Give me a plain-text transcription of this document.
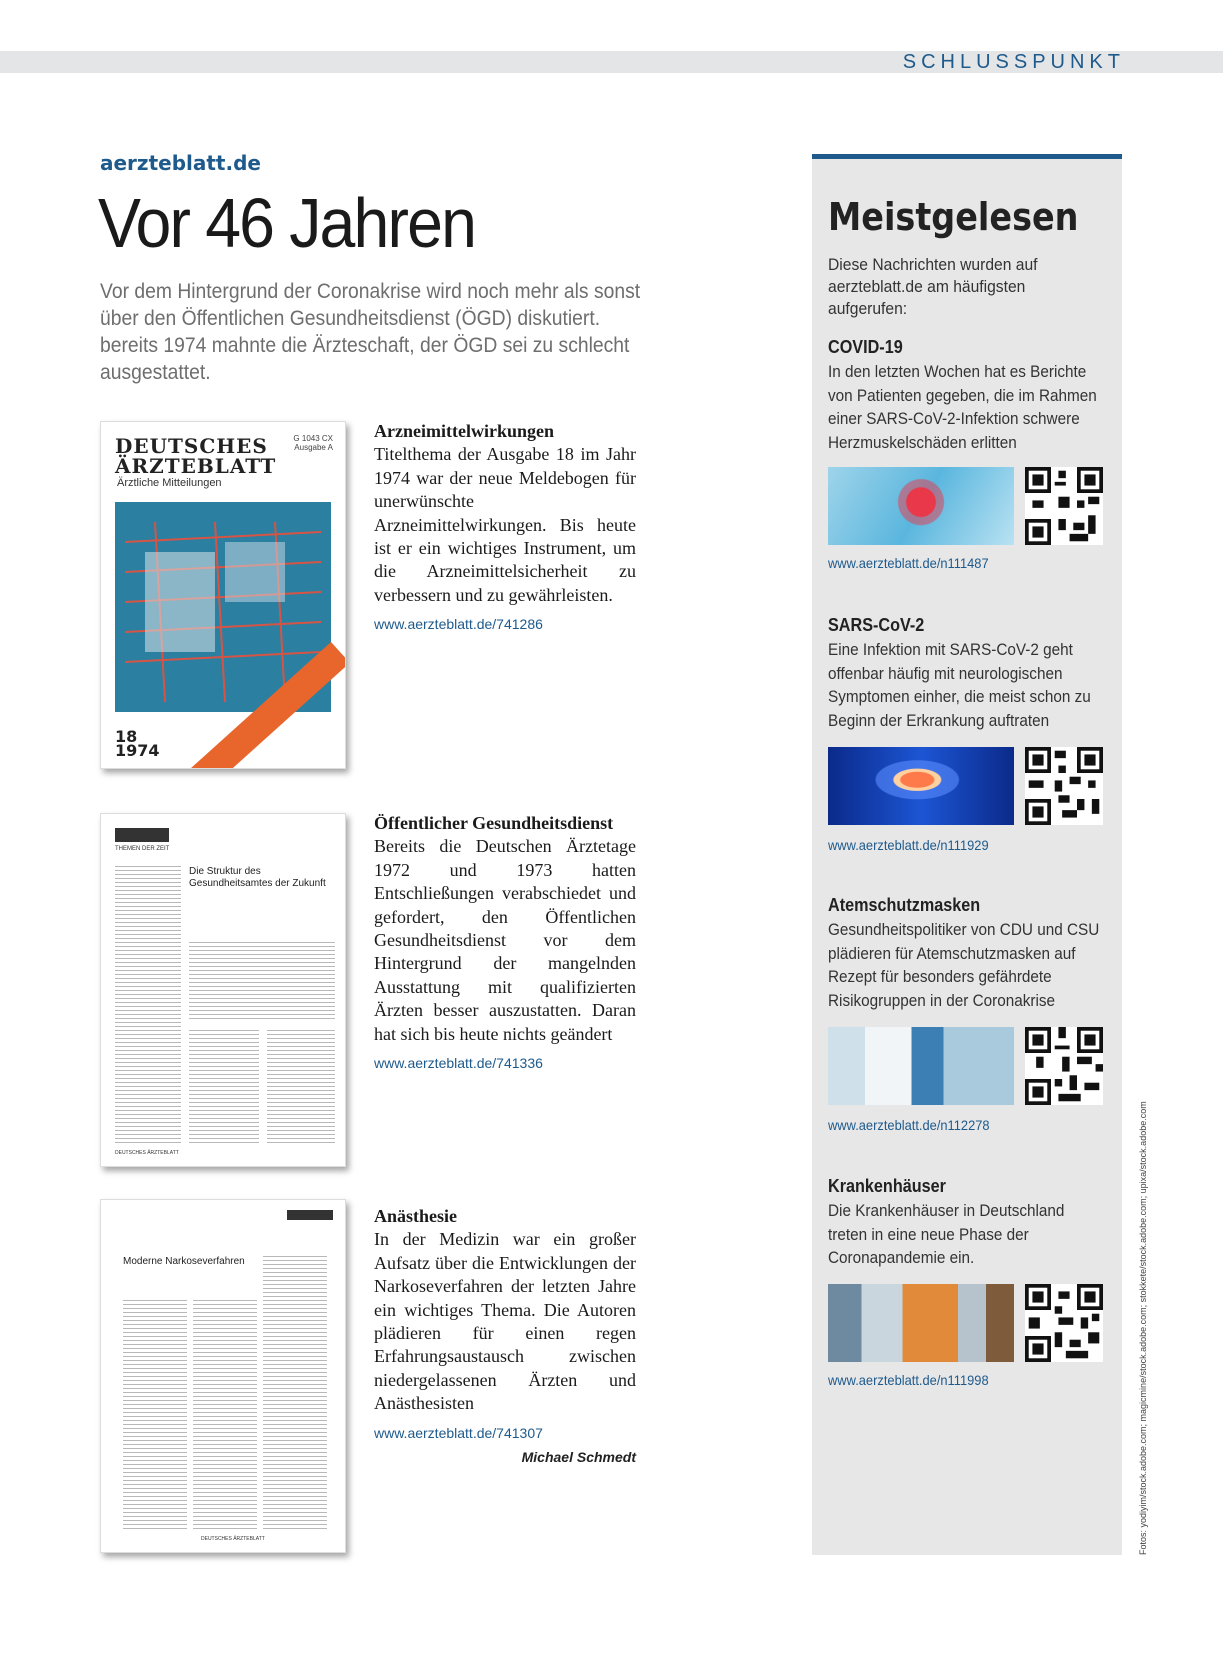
SCHLUSSPUNKT
aerzteblatt.de
Vor 46 Jahren
Vor dem Hintergrund der Coronakrise wird noch mehr als sonst über den Öffentlichen Gesundheitsdienst (ÖGD) diskutiert. bereits 1974 mahnte die Ärzteschaft, der ÖGD sei zu schlecht ausgestattet.
DEUTSCHES ÄRZTEBLATT
G 1043 CX Ausgabe A
Ärztliche Mitteilungen
18 1974
THEMEN DER ZEIT
Die Struktur des Gesundheitsamtes der Zukunft
DEUTSCHES ÄRZTEBLATT
Moderne Narkoseverfahren
DEUTSCHES ÄRZTEBLATT
Arzneimittelwirkungen
Titelthema der Ausgabe 18 im Jahr 1974 war der neue Meldebogen für unerwünschte Arzneimittelwirkungen. Bis heute ist er ein wichtiges Instrument, um die Arzneimittelsicherheit zu verbessern und zu gewährleisten.
www.aerzteblatt.de/741286
Öffentlicher Gesundheitsdienst
Bereits die Deutschen Ärztetage 1972 und 1973 hatten Entschließungen verabschiedet und gefordert, den Öffentlichen Gesundheitsdienst vor dem Hintergrund der mangelnden Ausstattung mit qualifizierten Ärzten besser auszustatten. Daran hat sich bis heute nichts geändert
www.aerzteblatt.de/741336
Anästhesie
In der Medizin war ein großer Aufsatz über die Entwicklungen der Narkoseverfahren der letzten Jahre ein wichtiges Thema. Die Autoren plädieren für einen regen Erfahrungsaustausch zwischen niedergelassenen Ärzten und Anästhesisten
www.aerzteblatt.de/741307
Michael Schmedt
Meistgelesen
Diese Nachrichten wurden auf aerzteblatt.de am häufigsten aufgerufen:
COVID-19
In den letzten Wochen hat es Berichte von Patienten gegeben, die im Rahmen einer SARS-CoV-2-Infektion schwere Herzmuskelschäden erlitten
www.aerzteblatt.de/n111487
SARS-CoV-2
Eine Infektion mit SARS-CoV-2 geht offenbar häufig mit neurologischen Symptomen einher, die meist schon zu Beginn der Erkrankung auftraten
www.aerzteblatt.de/n111929
Atemschutzmasken
Gesundheitspolitiker von CDU und CSU plädieren für Atemschutzmasken auf Rezept für besonders gefährdete Risikogruppen in der Coronakrise
www.aerzteblatt.de/n112278
Krankenhäuser
Die Krankenhäuser in Deutschland treten in eine neue Phase der Coronapandemie ein.
www.aerzteblatt.de/n111998	Fotos: yodiyim/stock.adobe.com; magicmine/stock.adobe.com; stokkete/stock.adobe.com; upixa/stock.adobe.com
